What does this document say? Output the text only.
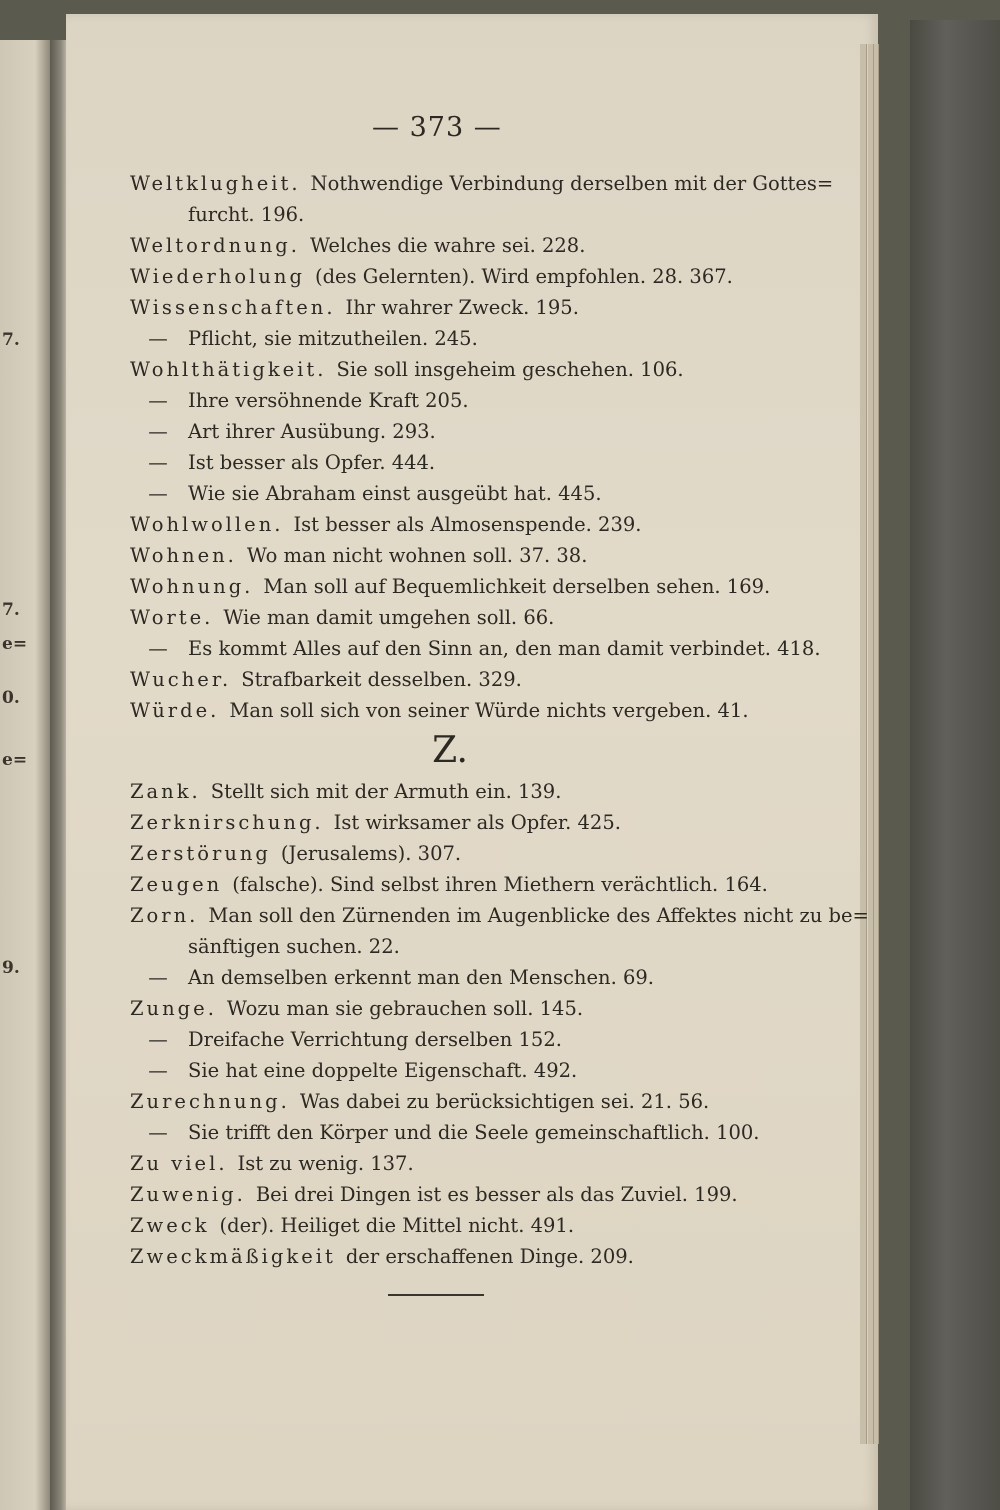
7.
7.
e=
0.
e=
9.
— 373 —
Weltklugheit. Nothwendige Verbindung derselben mit der Gottes=
furcht. 196.
Weltordnung. Welches die wahre sei. 228.
Wiederholung (des Gelernten). Wird empfohlen. 28. 367.
Wissenschaften. Ihr wahrer Zweck. 195.
— Pflicht, sie mitzutheilen. 245.
Wohlthätigkeit. Sie soll insgeheim geschehen. 106.
— Ihre versöhnende Kraft 205.
— Art ihrer Ausübung. 293.
— Ist besser als Opfer. 444.
— Wie sie Abraham einst ausgeübt hat. 445.
Wohlwollen. Ist besser als Almosenspende. 239.
Wohnen. Wo man nicht wohnen soll. 37. 38.
Wohnung. Man soll auf Bequemlichkeit derselben sehen. 169.
Worte. Wie man damit umgehen soll. 66.
— Es kommt Alles auf den Sinn an, den man damit verbindet. 418.
Wucher. Strafbarkeit desselben. 329.
Würde. Man soll sich von seiner Würde nichts vergeben. 41.
Z.
Zank. Stellt sich mit der Armuth ein. 139.
Zerknirschung. Ist wirksamer als Opfer. 425.
Zerstörung (Jerusalems). 307.
Zeugen (falsche). Sind selbst ihren Miethern verächtlich. 164.
Zorn. Man soll den Zürnenden im Augenblicke des Affektes nicht zu be=
sänftigen suchen. 22.
— An demselben erkennt man den Menschen. 69.
Zunge. Wozu man sie gebrauchen soll. 145.
— Dreifache Verrichtung derselben 152.
— Sie hat eine doppelte Eigenschaft. 492.
Zurechnung. Was dabei zu berücksichtigen sei. 21. 56.
— Sie trifft den Körper und die Seele gemeinschaftlich. 100.
Zu viel. Ist zu wenig. 137.
Zuwenig. Bei drei Dingen ist es besser als das Zuviel. 199.
Zweck (der). Heiliget die Mittel nicht. 491.
Zweckmäßigkeit der erschaffenen Dinge. 209.
